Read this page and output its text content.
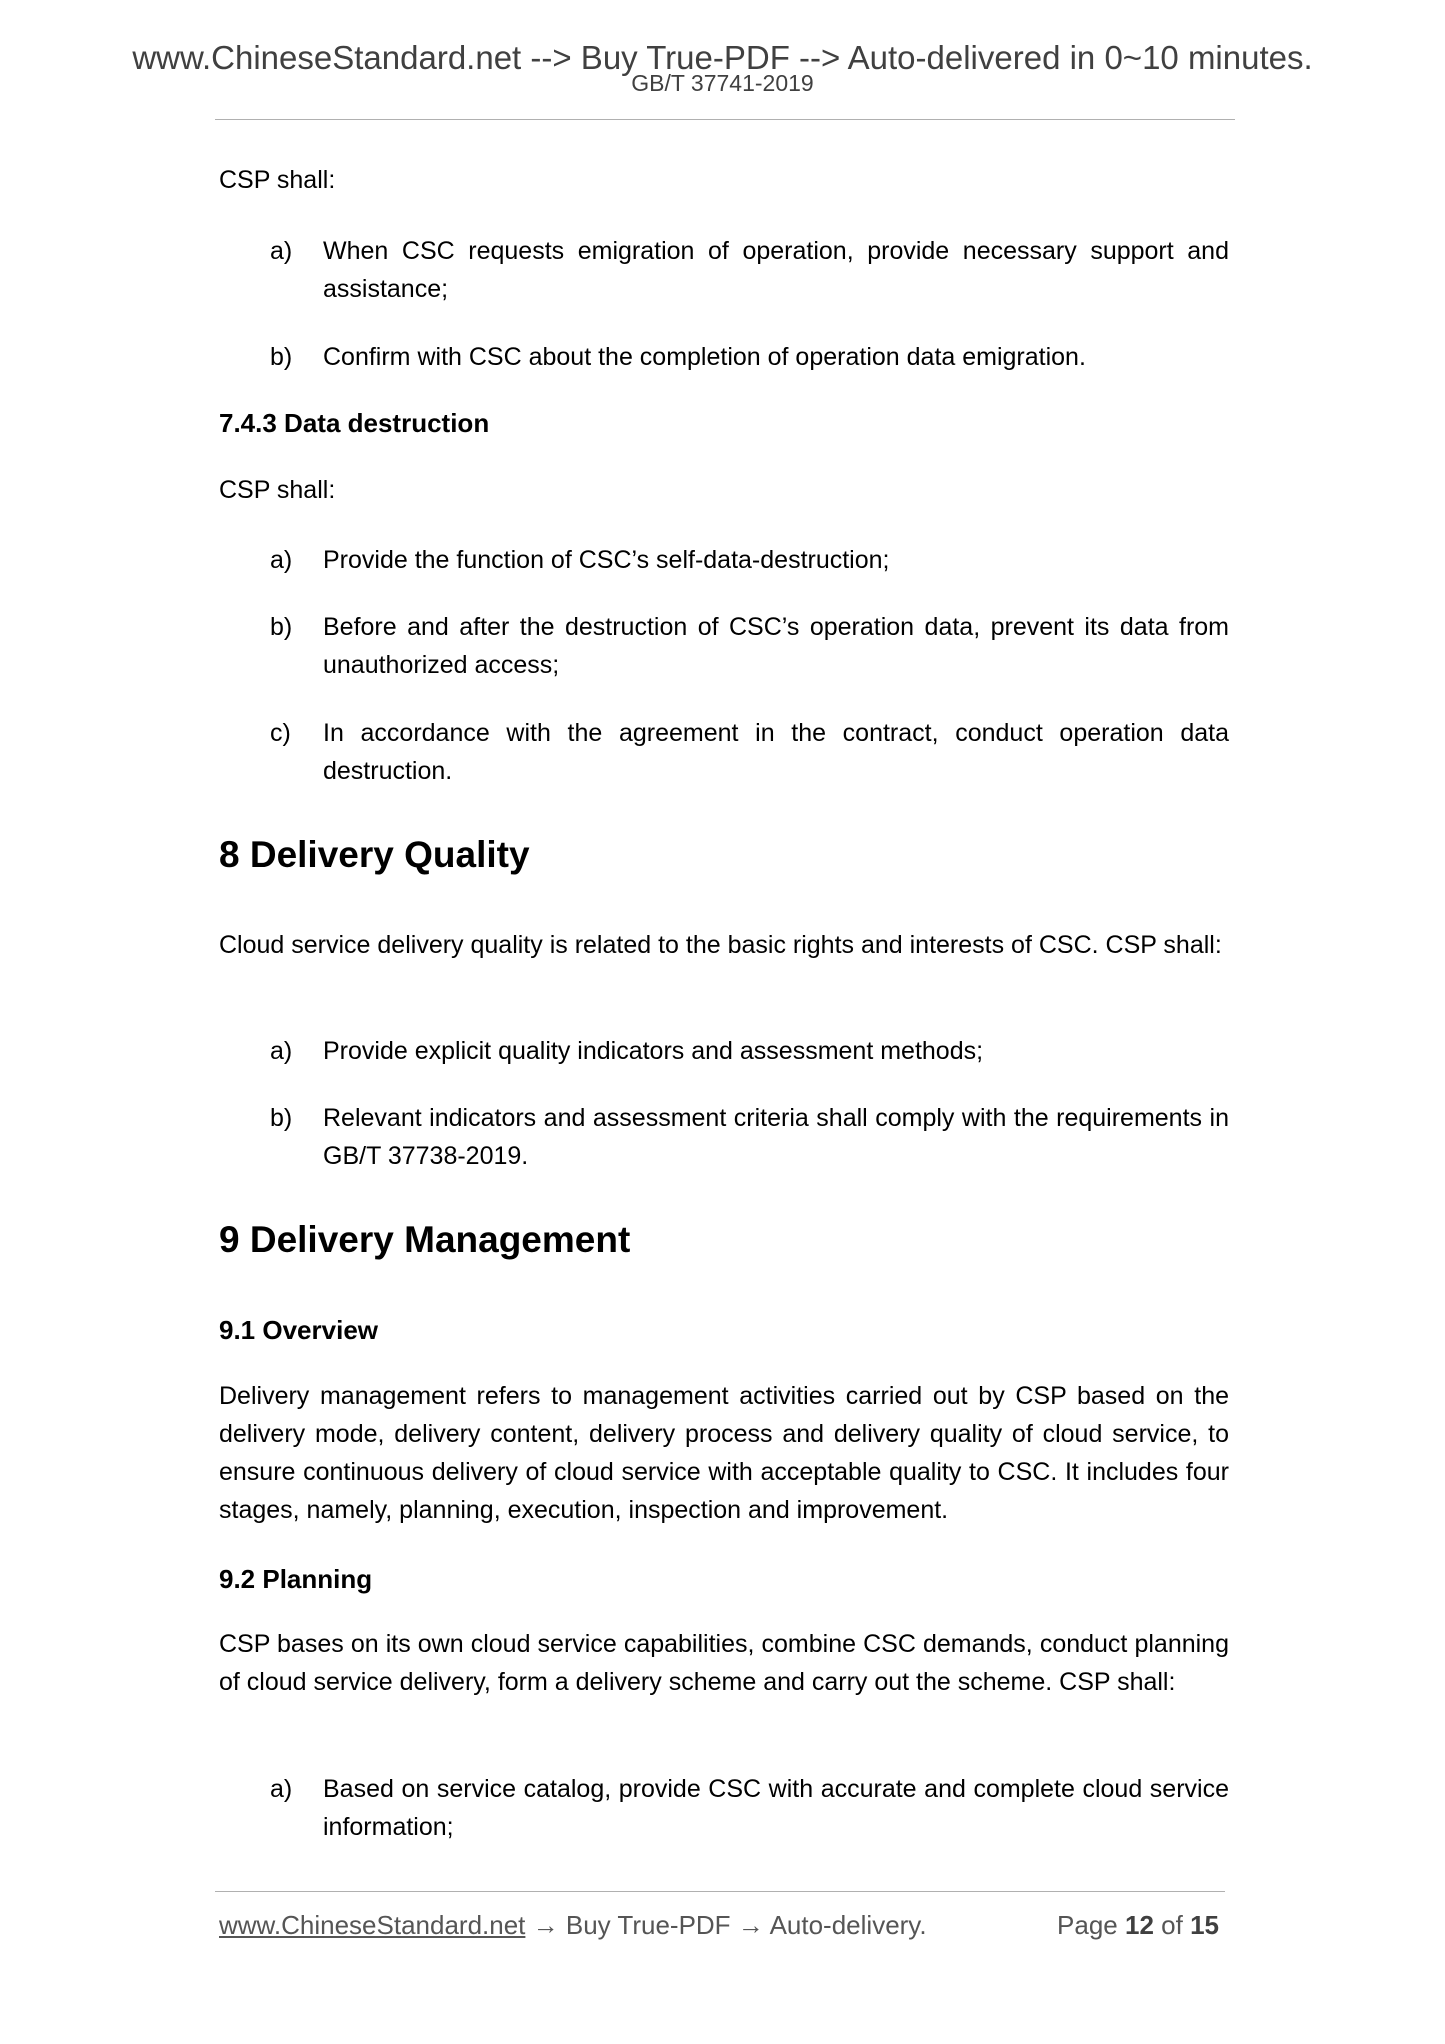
www.ChineseStandard.net --> Buy True-PDF --> Auto-delivered in 0~10 minutes.
GB/T 37741-2019
CSP shall:
a) When CSC requests emigration of operation, provide necessary support and assistance;
b) Confirm with CSC about the completion of operation data emigration.
7.4.3 Data destruction
CSP shall:
a) Provide the function of CSC’s self-data-destruction;
b) Before and after the destruction of CSC’s operation data, prevent its data from unauthorized access;
c) In accordance with the agreement in the contract, conduct operation data destruction.
8 Delivery Quality
Cloud service delivery quality is related to the basic rights and interests of CSC. CSP shall:
a) Provide explicit quality indicators and assessment methods;
b) Relevant indicators and assessment criteria shall comply with the requirements in GB/T 37738-2019.
9 Delivery Management
9.1 Overview
Delivery management refers to management activities carried out by CSP based on the delivery mode, delivery content, delivery process and delivery quality of cloud service, to ensure continuous delivery of cloud service with acceptable quality to CSC. It includes four stages, namely, planning, execution, inspection and improvement.
9.2 Planning
CSP bases on its own cloud service capabilities, combine CSC demands, conduct planning of cloud service delivery, form a delivery scheme and carry out the scheme. CSP shall:
a) Based on service catalog, provide CSC with accurate and complete cloud service information;
www.ChineseStandard.net → Buy True-PDF → Auto-delivery.	Page 12 of 15
